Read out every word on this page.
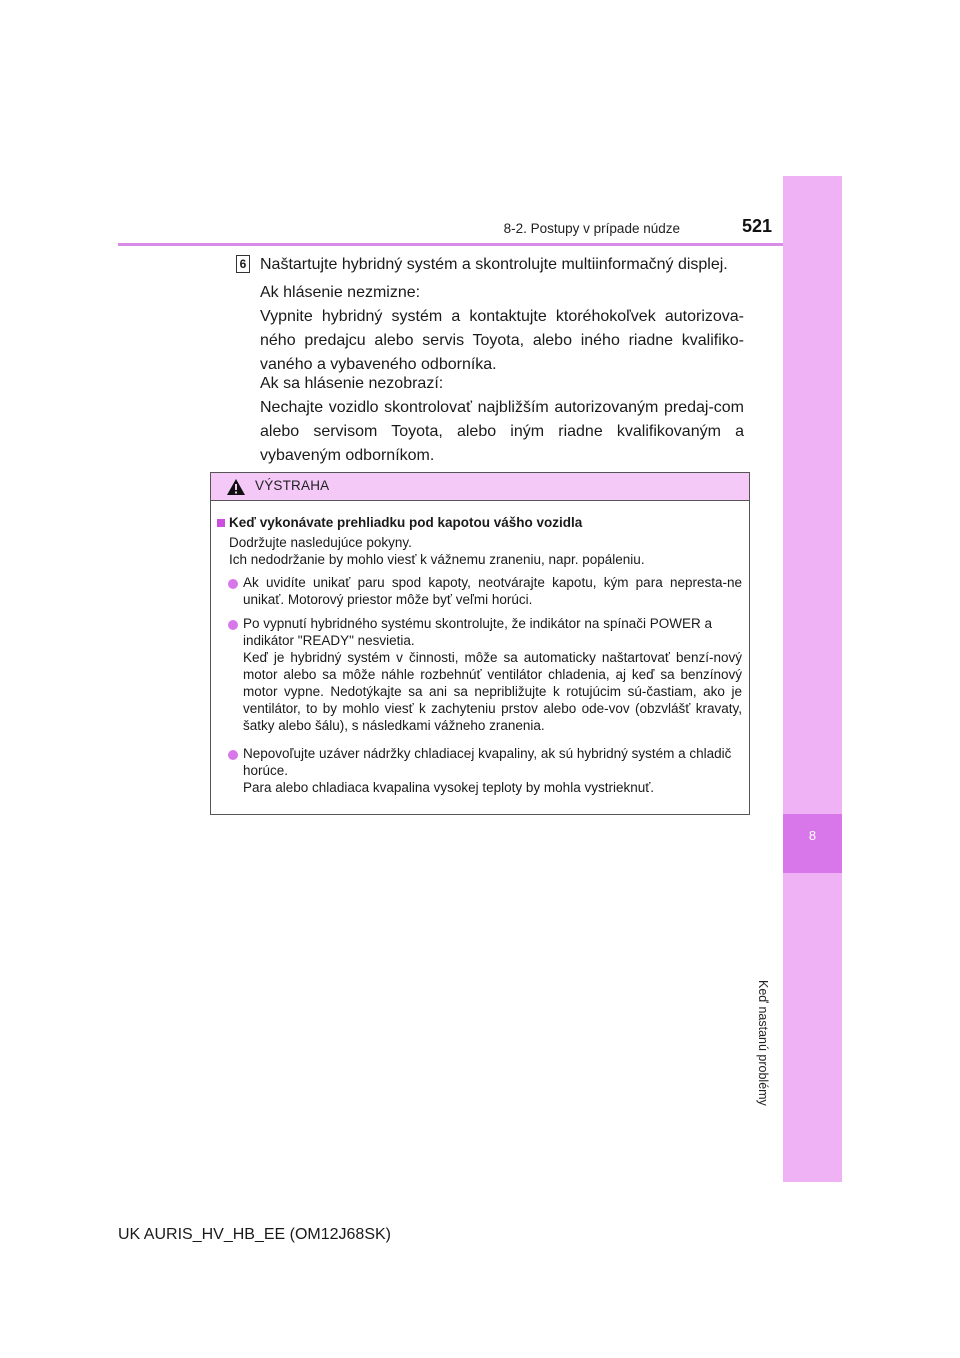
8
Keď nastanú problémy
8-2. Postupy v prípade núdze	521
6 Naštartujte hybridný systém a skontrolujte multiinformačný displej.
Ak hlásenie nezmizne:
Vypnite hybridný systém a kontaktujte ktoréhokoľvek autorizova-ného predajcu alebo servis Toyota, alebo iného riadne kvalifiko-vaného a vybaveného odborníka.
Ak sa hlásenie nezobrazí:
Nechajte vozidlo skontrolovať najbližším autorizovaným predaj-com alebo servisom Toyota, alebo iným riadne kvalifikovaným a vybaveným odborníkom.
VÝSTRAHA
Keď vykonávate prehliadku pod kapotou vášho vozidla
Dodržujte nasledujúce pokyny.
Ich nedodržanie by mohlo viesť k vážnemu zraneniu, napr. popáleniu.
Ak uvidíte unikať paru spod kapoty, neotvárajte kapotu, kým para nepresta-ne unikať. Motorový priestor môže byť veľmi horúci.
Po vypnutí hybridného systému skontrolujte, že indikátor na spínači POWER a indikátor "READY" nesvietia.
Keď je hybridný systém v činnosti, môže sa automaticky naštartovať benzí-nový motor alebo sa môže náhle rozbehnúť ventilátor chladenia, aj keď sa benzínový motor vypne. Nedotýkajte sa ani sa nepribližujte k rotujúcim sú-častiam, ako je ventilátor, to by mohlo viesť k zachyteniu prstov alebo ode-vov (obzvlášť kravaty, šatky alebo šálu), s následkami vážneho zranenia.
Nepovoľujte uzáver nádržky chladiacej kvapaliny, ak sú hybridný systém a chladič horúce.
Para alebo chladiaca kvapalina vysokej teploty by mohla vystrieknuť.
UK AURIS_HV_HB_EE (OM12J68SK)
